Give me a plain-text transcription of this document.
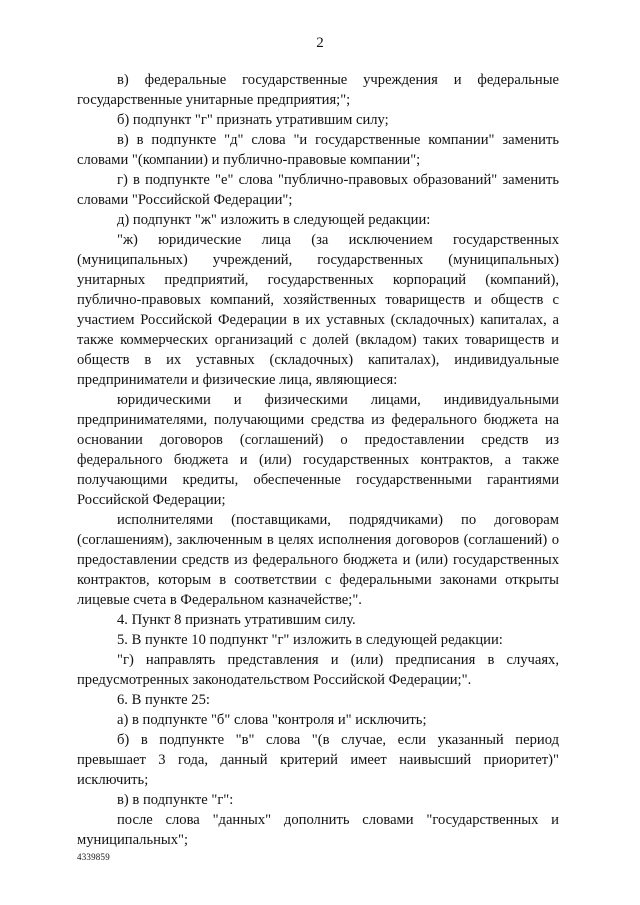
2

в) федеральные государственные учреждения и федеральные государственные унитарные предприятия;";

б) подпункт "г" признать утратившим силу;

в) в подпункте "д" слова "и государственные компании" заменить словами "(компании) и публично-правовые компании";

г) в подпункте "е" слова "публично-правовых образований" заменить словами "Российской Федерации";

д) подпункт "ж" изложить в следующей редакции:

"ж) юридические лица (за исключением государственных (муниципальных) учреждений, государственных (муниципальных) унитарных предприятий, государственных корпораций (компаний), публично-правовых компаний, хозяйственных товариществ и обществ с участием Российской Федерации в их уставных (складочных) капиталах, а также коммерческих организаций с долей (вкладом) таких товариществ и обществ в их уставных (складочных) капиталах), индивидуальные предприниматели и физические лица, являющиеся:

юридическими и физическими лицами, индивидуальными предпринимателями, получающими средства из федерального бюджета на основании договоров (соглашений) о предоставлении средств из федерального бюджета и (или) государственных контрактов, а также получающими кредиты, обеспеченные государственными гарантиями Российской Федерации;

исполнителями (поставщиками, подрядчиками) по договорам (соглашениям), заключенным в целях исполнения договоров (соглашений) о предоставлении средств из федерального бюджета и (или) государственных контрактов, которым в соответствии с федеральными законами открыты лицевые счета в Федеральном казначействе;".

4. Пункт 8 признать утратившим силу.

5. В пункте 10 подпункт "г" изложить в следующей редакции:

"г) направлять представления и (или) предписания в случаях, предусмотренных законодательством Российской Федерации;".

6. В пункте 25:

а) в подпункте "б" слова "контроля и" исключить;

б) в подпункте "в" слова "(в случае, если указанный период превышает 3 года, данный критерий имеет наивысший приоритет)" исключить;

в) в подпункте "г":

после слова "данных" дополнить словами "государственных и муниципальных";

4339859
